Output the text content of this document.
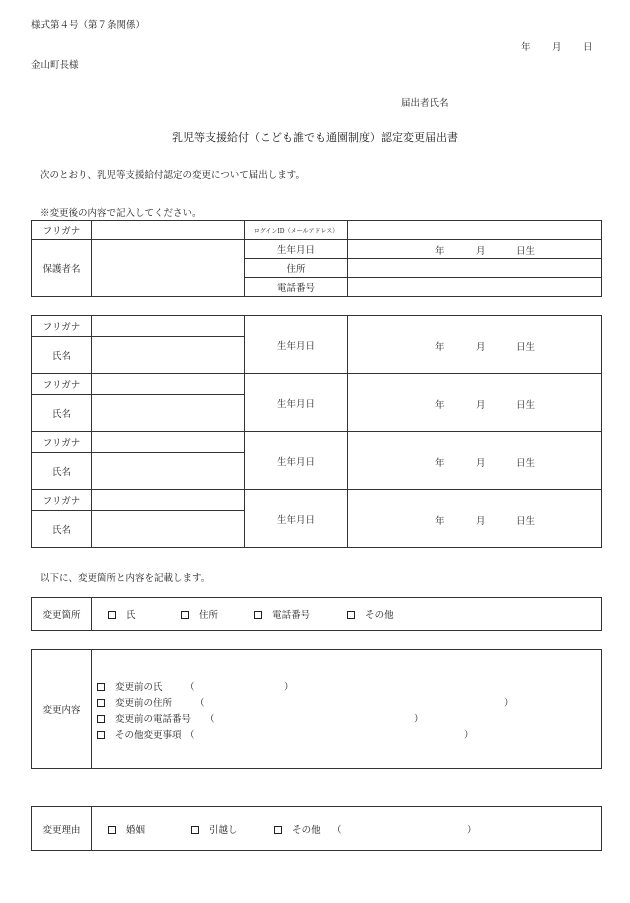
様式第４号（第７条関係）
年 月 日
金山町長様
届出者氏名
乳児等支援給付（こども誰でも通園制度）認定変更届出書
次のとおり、乳児等支援給付認定の変更について届出します。
※変更後の内容で記入してください。
フリガナ		ログインID（メールアドレス）	
保護者名		生年月日	年 月 日生

		住所	
		電話番号	
フリガナ		生年月日	年 月 日生

氏名			
フリガナ		生年月日	年 月 日生

氏名			
フリガナ		生年月日	年 月 日生

氏名			
フリガナ		生年月日	年 月 日生

氏名			
以下に、変更箇所と内容を記載します。
変更箇所	氏	住所	電話番号	その他
変更内容	
変更前の氏 （	）
変更前の住所 （	）
変更前の電話番号 （	）
その他変更事項 （	）
変更理由	婚姻	引越し	その他 （	）
